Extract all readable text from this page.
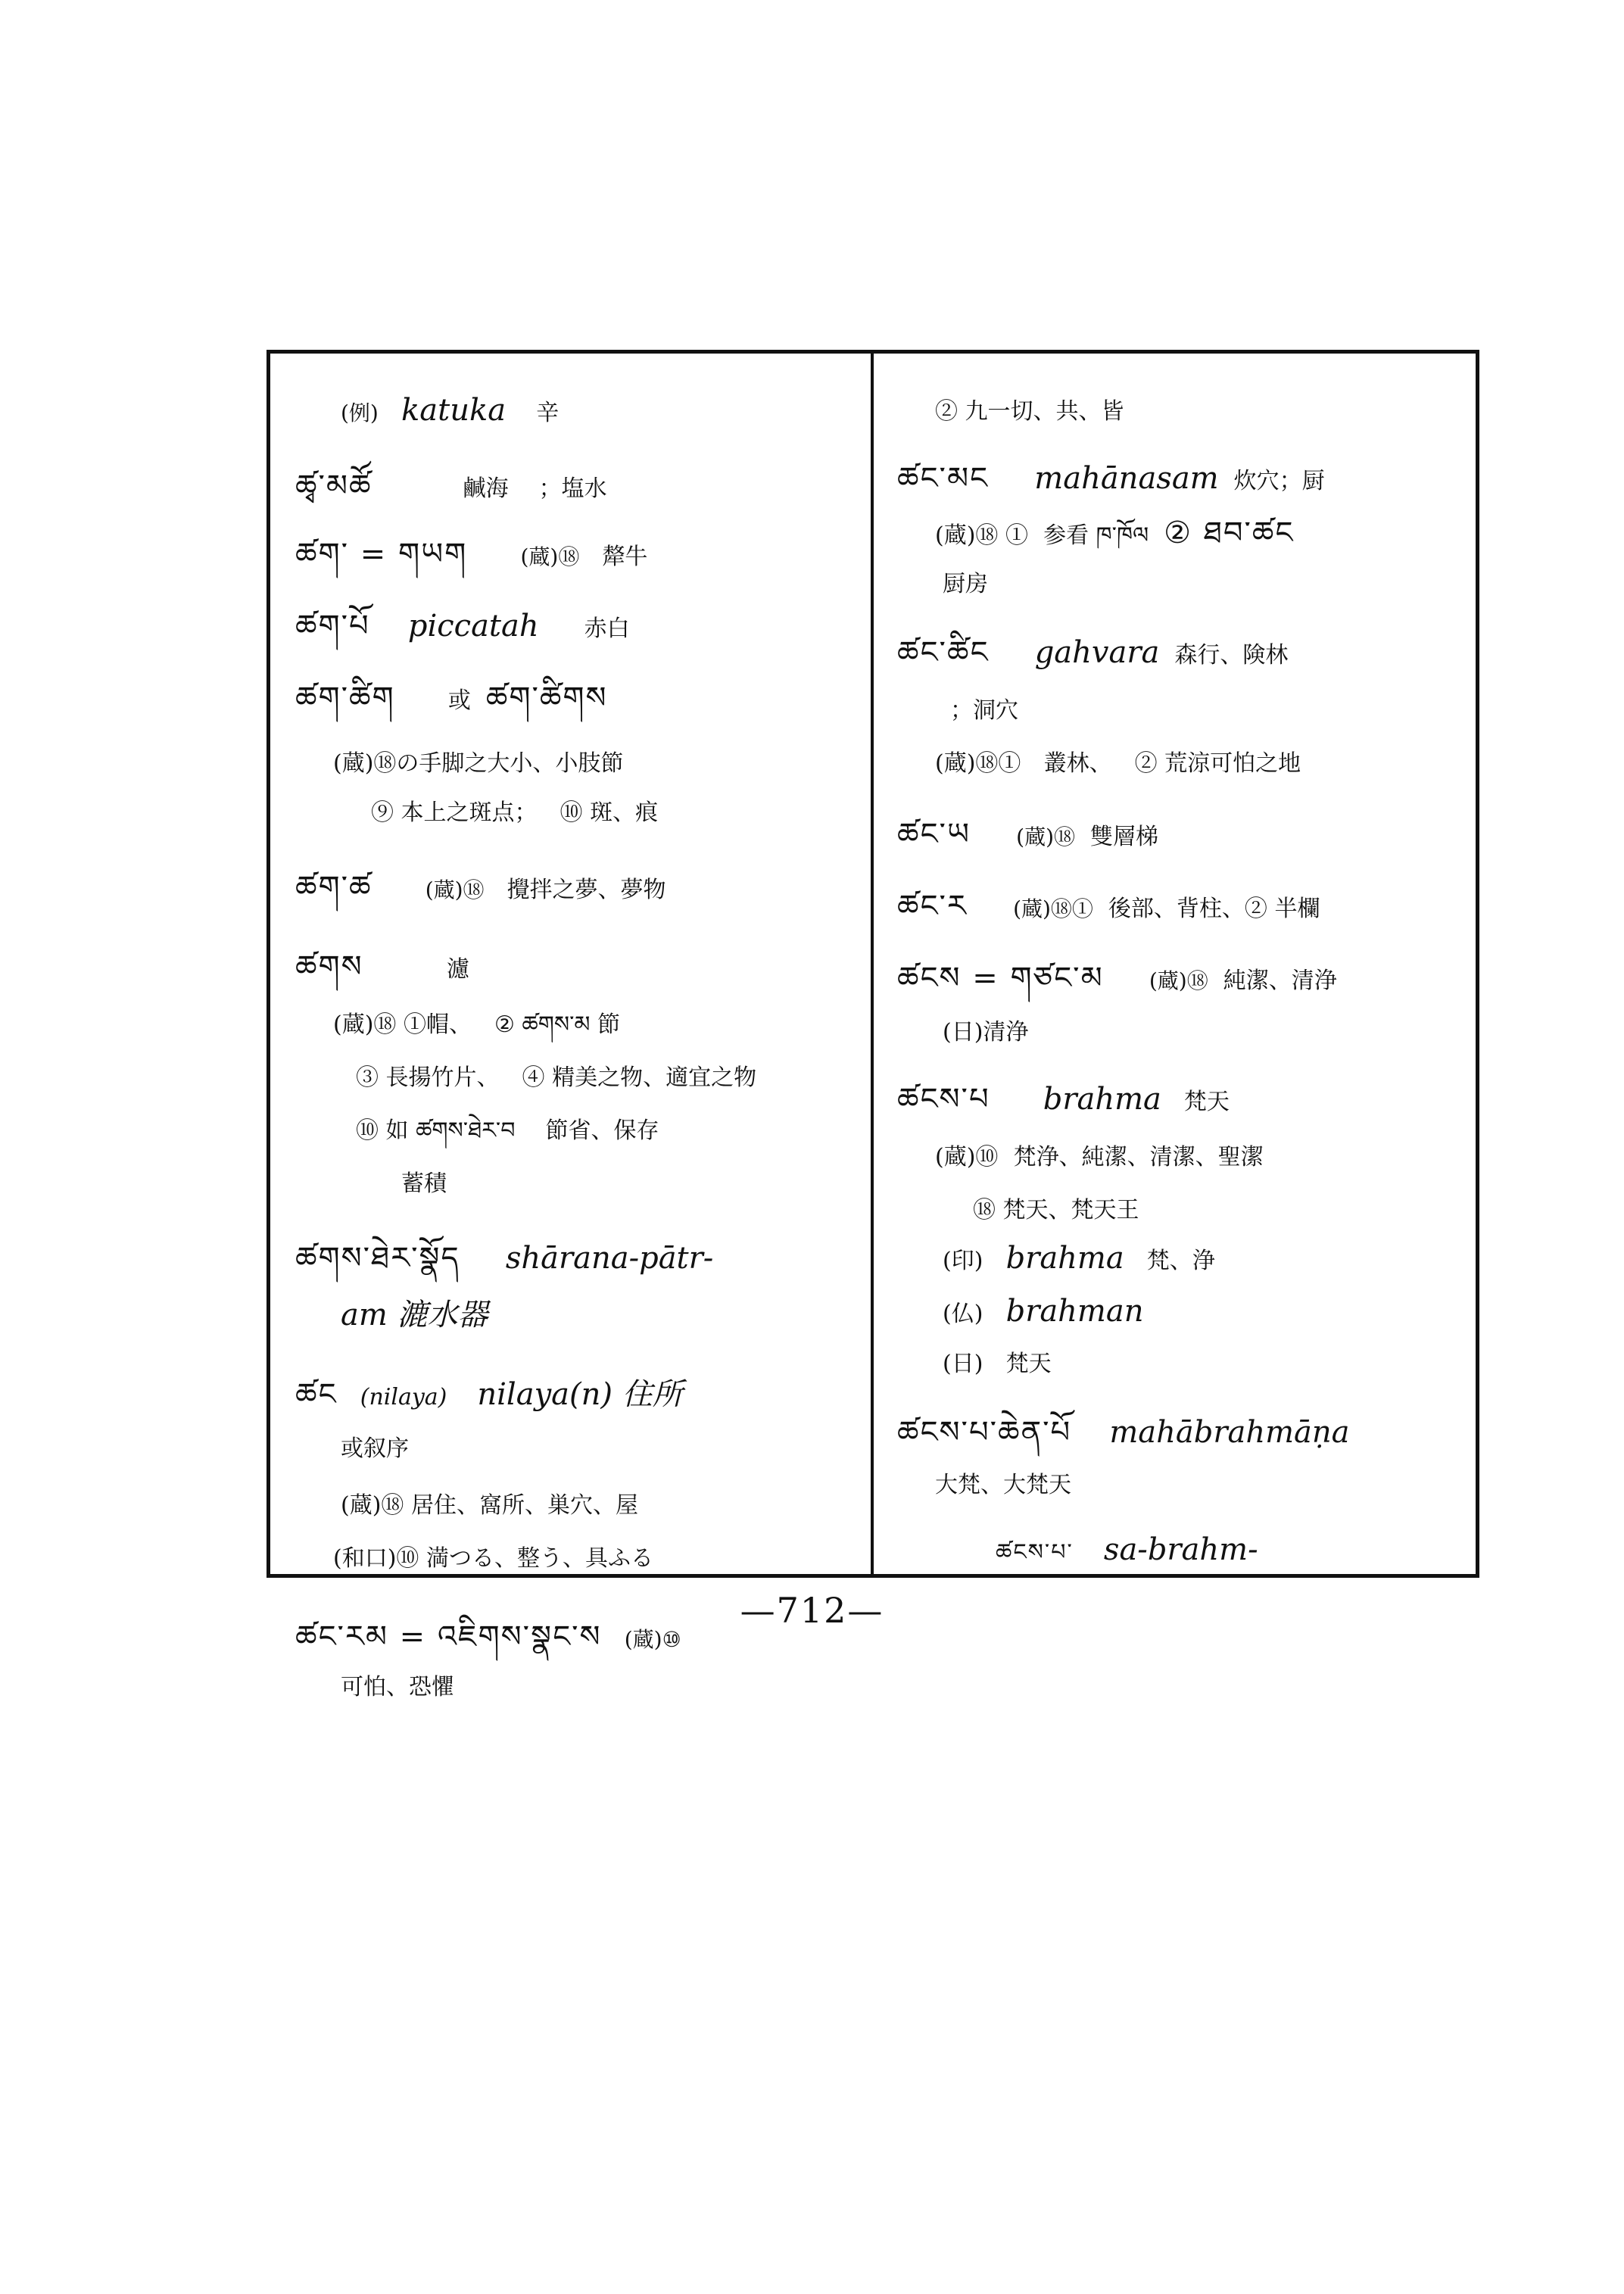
(例) katuka 辛
ཚྭ་མཚོ	鹹海 ；塩水
ཚག་ = གཡག	(蔵)⑱ 犛牛
ཚག་པོ piccatah 赤白
ཚག་ཚིག 或 ཚག་ཚིགས
(蔵)⑱の手脚之大小、小肢節
⑨ 本上之斑点； ⑩ 斑、痕
ཚག་ཚ	(蔵)⑱ 攪拌之夢、夢物
ཚགས	濾
(蔵)⑱ ①帽、 ② ཚགས་མ 節
③ 長揚竹片、 ④ 精美之物、適宜之物
⑩ 如 ཚགས་ཐེར་བ 節省、保存
蓄積
ཚགས་ཐེར་སྣོད shārana-pātr-
am 漉水器
ཚང (nilaya) nilaya(n) 住所
或叙序
(蔵)⑱ 居住、窩所、巣穴、屋
(和口)⑩ 満つる、整う、具ふる
ཚང་རམ = འཇིགས་སྣང་ས (蔵)⑩
可怕、恐懼
② 九一切、共、皆
ཚང་མང mahānasam 炊穴；厨
(蔵)⑱ ① 参看 ཁ་ཁོལ ② ཐབ་ཚང
厨房
ཚང་ཚིང gahvara 森行、険林
；洞穴
(蔵)⑱① 叢林、 ② 荒涼可怕之地
ཚང་ཡ (蔵)⑱ 雙層梯
ཚང་ར (蔵)⑱① 後部、背柱、② 半欄
ཚངས = གཙང་མ (蔵)⑱ 純潔、清浄
(日)清浄
ཚངས་པ brahma 梵天
(蔵)⑩ 梵浄、純潔、清潔、聖潔
⑱ 梵天、梵天王
(印) brahma 梵、浄
(仏) brahman
(日) 梵天
ཚངས་པ་ཆེན་པོ mahābrahmāṇa
大梵、大梵天
ཚངས་པ་ sa-brahm-
—712—
